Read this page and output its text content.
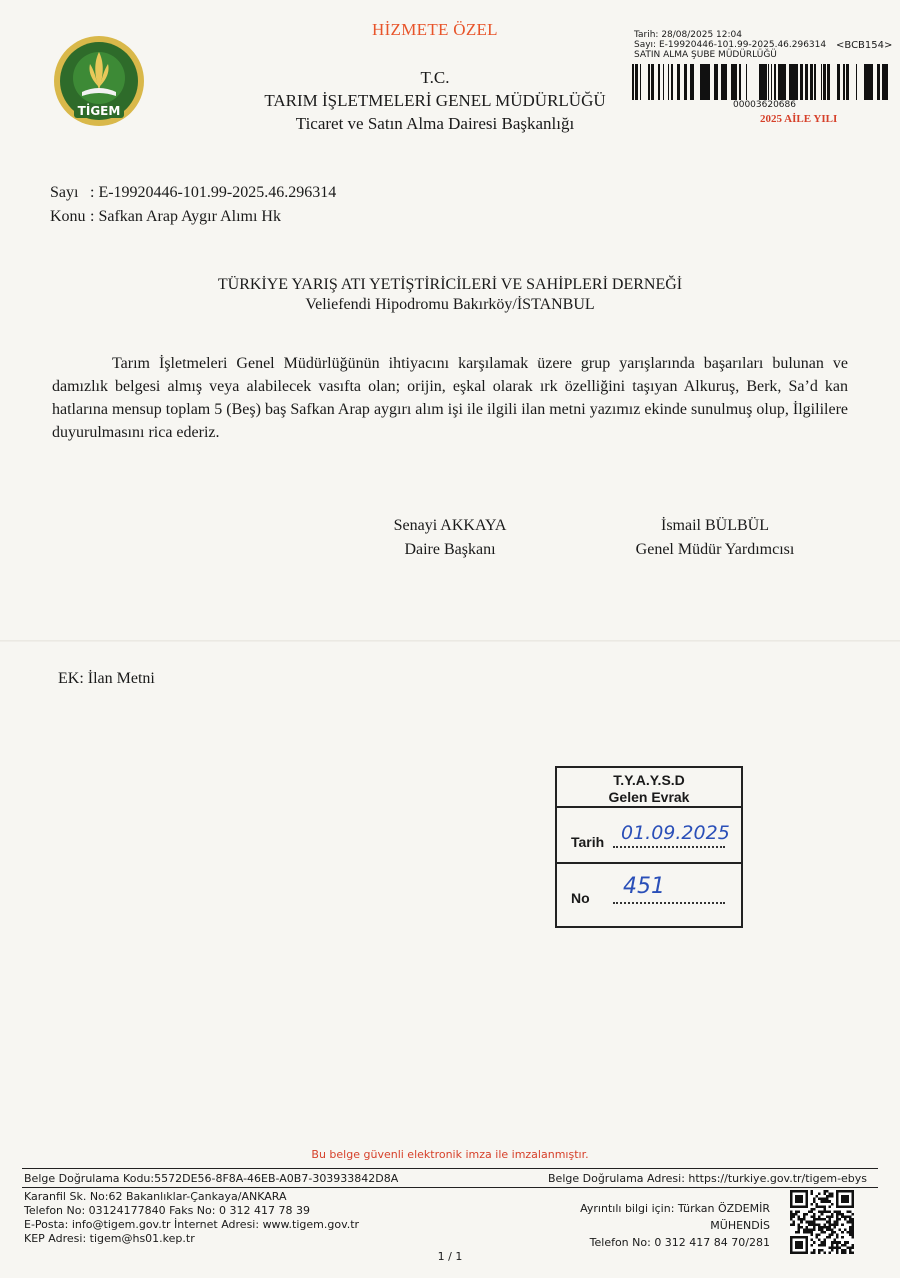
HİZMETE ÖZEL
TİGEM
T.C.
TARIM İŞLETMELERİ GENEL MÜDÜRLÜĞÜ
Ticaret ve Satın Alma Dairesi Başkanlığı
Tarih: 28/08/2025 12:04
Sayı: E-19920446-101.99-2025.46.296314
SATIN ALMA ŞUBE MÜDÜRLÜĞÜ
<BCB154>
00003620686
2025 AİLE YILI
Sayı : E-19920446-101.99-2025.46.296314
Konu : Safkan Arap Aygır Alımı Hk
TÜRKİYE YARIŞ ATI YETİŞTİRİCİLERİ VE SAHİPLERİ DERNEĞİ
Veliefendi Hipodromu Bakırköy/İSTANBUL
Tarım İşletmeleri Genel Müdürlüğünün ihtiyacını karşılamak üzere grup yarışlarında başarıları bulunan ve damızlık belgesi almış veya alabilecek vasıfta olan; orijin, eşkal olarak ırk özelliğini taşıyan Alkuruş, Berk, Sa’d kan hatlarına mensup toplam 5 (Beş) baş Safkan Arap aygırı alım işi ile ilgili ilan metni yazımız ekinde sunulmuş olup, İlgililere duyurulmasını rica ederiz.
Senayi AKKAYA
Daire Başkanı
İsmail BÜLBÜL
Genel Müdür Yardımcısı
EK: İlan Metni
T.Y.A.Y.S.D
Gelen Evrak
Tarih 01.09.2025
No 451
Bu belge güvenli elektronik imza ile imzalanmıştır.
Belge Doğrulama Kodu:5572DE56-8F8A-46EB-A0B7-303933842D8A	Belge Doğrulama Adresi: https://turkiye.gov.tr/tigem-ebys
Karanfil Sk. No:62 Bakanlıklar-Çankaya/ANKARA
Telefon No: 03124177840 Faks No: 0 312 417 78 39
E-Posta: info@tigem.gov.tr İnternet Adresi: www.tigem.gov.tr
KEP Adresi: tigem@hs01.kep.tr
Ayrıntılı bilgi için: Türkan ÖZDEMİR
MÜHENDİS
Telefon No: 0 312 417 84 70/281
1 / 1
